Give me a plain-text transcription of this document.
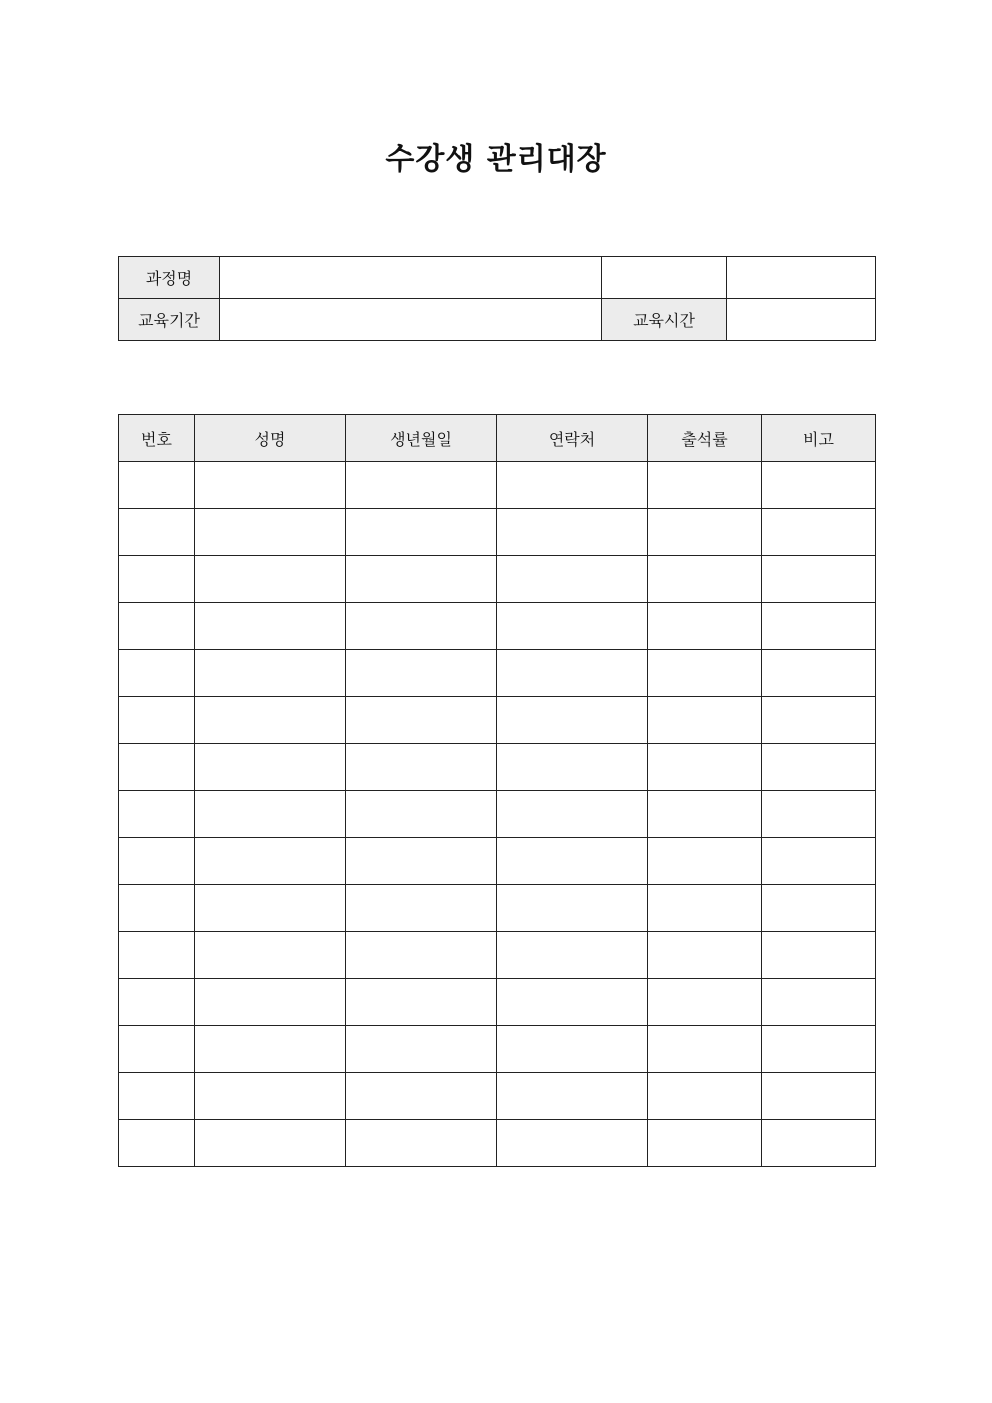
수강생 관리대장
과정명			
교육기간		교육시간	
번호	성명	생년월일	연락처	출석률	비고
